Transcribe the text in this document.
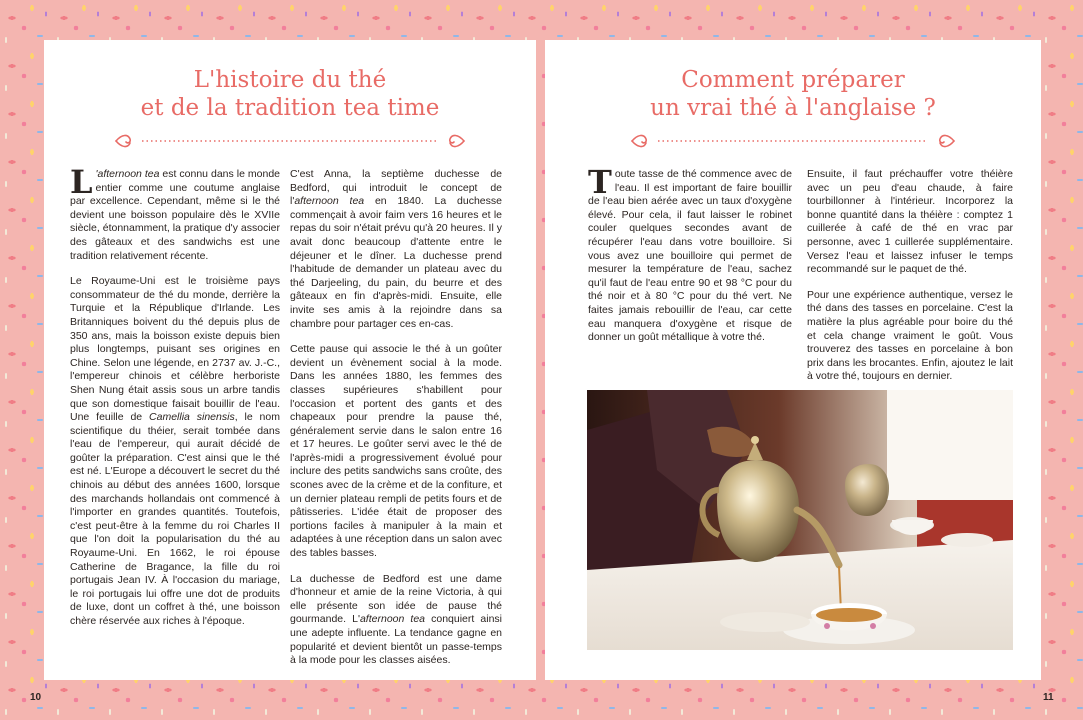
L'histoire du thé
et de la tradition tea time

L 'afternoon tea est connu dans le monde entier comme une coutume anglaise par excellence. Cependant, même si le thé devient une boisson populaire dès le XVIIe siècle, étonnamment, la pratique d'y associer des gâteaux et des sandwichs est une tradition relativement récente.

Le Royaume-Uni est le troisième pays consommateur de thé du monde, derrière la Turquie et la République d'Irlande. Les Britanniques boivent du thé depuis plus de 350 ans, mais la boisson existe depuis bien plus longtemps, puisant ses origines en Chine. Selon une légende, en 2737 av. J.-C., l'empereur chinois et célèbre herboriste Shen Nung était assis sous un arbre tandis que son domestique faisait bouillir de l'eau. Une feuille de Camellia sinensis, le nom scientifique du théier, serait tombée dans l'eau de l'empereur, qui aurait décidé de goûter la préparation. C'est ainsi que le thé est né. L'Europe a découvert le secret du thé chinois au début des années 1600, lorsque des marchands hollandais ont commencé à l'importer en grandes quantités. Toutefois, c'est peut-être à la femme du roi Charles II que l'on doit la popularisation du thé au Royaume-Uni. En 1662, le roi épouse Catherine de Bragance, la fille du roi portugais Jean IV. À l'occasion du mariage, le roi portugais lui offre une dot de produits de luxe, dont un coffret à thé, une boisson chère réservée aux riches à l'époque.

C'est Anna, la septième duchesse de Bedford, qui introduit le concept de l'afternoon tea en 1840. La duchesse commençait à avoir faim vers 16 heures et le repas du soir n'était prévu qu'à 20 heures. Il y avait donc beaucoup d'attente entre le déjeuner et le dîner. La duchesse prend l'habitude de demander un plateau avec du thé Darjeeling, du pain, du beurre et des gâteaux en fin d'après-midi. Ensuite, elle invite ses amis à la rejoindre dans sa chambre pour partager ces en-cas.

Cette pause qui associe le thé à un goûter devient un évènement social à la mode. Dans les années 1880, les femmes des classes supérieures s'habillent pour l'occasion et portent des gants et des chapeaux pour prendre la pause thé, généralement servie dans le salon entre 16 et 17 heures. Le goûter servi avec le thé de l'après-midi a progressivement évolué pour inclure des petits sandwichs sans croûte, des scones avec de la crème et de la confiture, et un dernier plateau rempli de petits fours et de pâtisseries. L'idée était de proposer des portions faciles à manipuler à la main et adaptées à une réception dans un salon avec des tables basses.

La duchesse de Bedford est une dame d'honneur et amie de la reine Victoria, à qui elle présente son idée de pause thé gourmande. L'afternoon tea conquiert ainsi une adepte influente. La tendance gagne en popularité et devient bientôt un passe-temps à la mode pour les classes aisées.

Comment préparer
un vrai thé à l'anglaise ?

Toute tasse de thé commence avec de l'eau. Il est important de faire bouillir de l'eau bien aérée avec un taux d'oxygène élevé. Pour cela, il faut laisser le robinet couler quelques secondes avant de récupérer l'eau dans votre bouilloire. Si vous avez une bouilloire qui permet de mesurer la température de l'eau, sachez qu'il faut de l'eau entre 90 et 98 °C pour du thé noir et à 80 °C pour du thé vert. Ne faites jamais rebouillir de l'eau, car cette eau manquera d'oxygène et risque de donner un goût métallique à votre thé.

Ensuite, il faut préchauffer votre théière avec un peu d'eau chaude, à faire tourbillonner à l'intérieur. Incorporez la bonne quantité dans la théière : comptez 1 cuillerée à café de thé en vrac par personne, avec 1 cuillerée supplémentaire. Versez l'eau et laissez infuser le temps recommandé sur le paquet de thé.

Pour une expérience authentique, versez le thé dans des tasses en porcelaine. C'est la matière la plus agréable pour boire du thé et cela change vraiment le goût. Vous trouverez des tasses en porcelaine à bon prix dans les brocantes. Enfin, ajoutez le lait à votre thé, toujours en dernier.

10	11
